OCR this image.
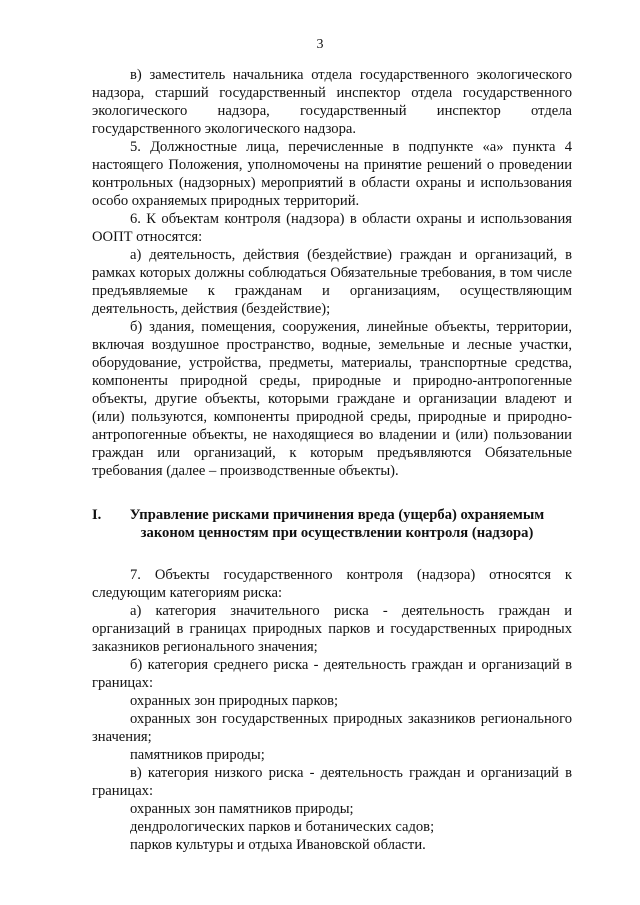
3

в) заместитель начальника отдела государственного экологического надзора, старший государственный инспектор отдела государственного экологического надзора, государственный инспектор отдела государственного экологического надзора.

5. Должностные лица, перечисленные в подпункте «а» пункта 4 настоящего Положения, уполномочены на принятие решений о проведении контрольных (надзорных) мероприятий в области охраны и использования особо охраняемых природных территорий.

6. К объектам контроля (надзора) в области охраны и использования ООПТ относятся:

а) деятельность, действия (бездействие) граждан и организаций, в рамках которых должны соблюдаться Обязательные требования, в том числе предъявляемые к гражданам и организациям, осуществляющим деятельность, действия (бездействие);

б) здания, помещения, сооружения, линейные объекты, территории, включая воздушное пространство, водные, земельные и лесные участки, оборудование, устройства, предметы, материалы, транспортные средства, компоненты природной среды, природные и природно-антропогенные объекты, другие объекты, которыми граждане и организации владеют и (или) пользуются, компоненты природной среды, природные и природно-антропогенные объекты, не находящиеся во владении и (или) пользовании граждан или организаций, к которым предъявляются Обязательные требования (далее – производственные объекты).

I.	Управление рисками причинения вреда (ущерба) охраняемым законом ценностям при осуществлении контроля (надзора)

7. Объекты государственного контроля (надзора) относятся к следующим категориям риска:

а) категория значительного риска - деятельность граждан и организаций в границах природных парков и государственных природных заказников регионального значения;

б) категория среднего риска - деятельность граждан и организаций в границах:

охранных зон природных парков;

охранных зон государственных природных заказников регионального значения;

памятников природы;

в) категория низкого риска - деятельность граждан и организаций в границах:

охранных зон памятников природы;

дендрологических парков и ботанических садов;

парков культуры и отдыха Ивановской области.
